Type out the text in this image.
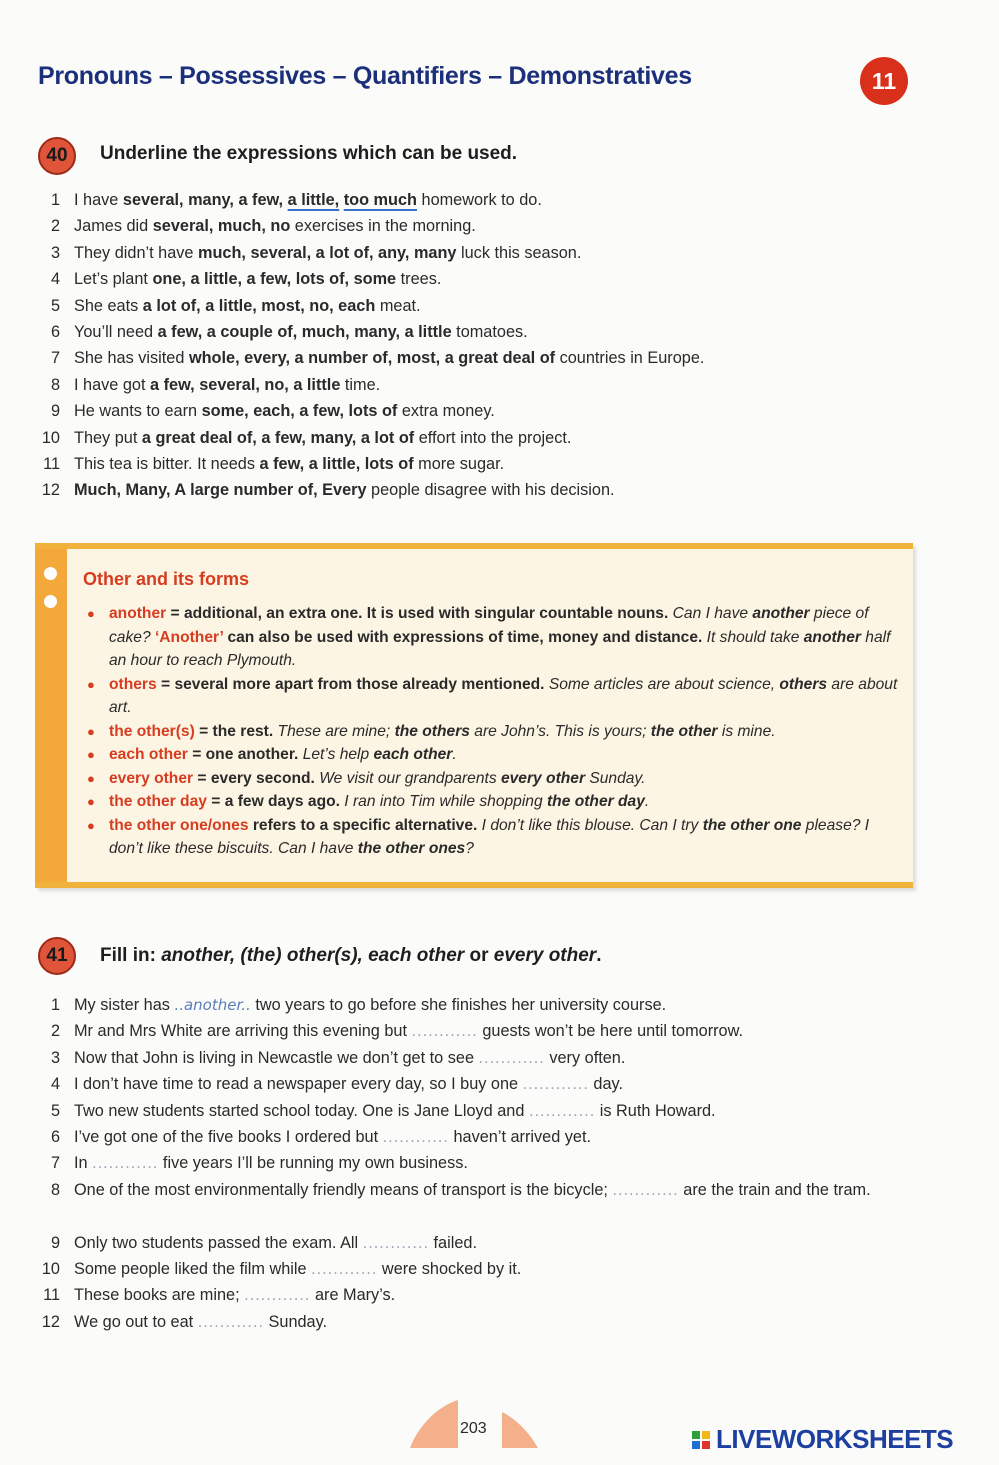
Pronouns – Possessives – Quantifiers – Demonstratives	11
40	Underline the expressions which can be used.
1 I have several, many, a few, a little, too much homework to do.
2 James did several, much, no exercises in the morning.
3 They didn’t have much, several, a lot of, any, many luck this season.
4 Let’s plant one, a little, a few, lots of, some trees.
5 She eats a lot of, a little, most, no, each meat.
6 You’ll need a few, a couple of, much, many, a little tomatoes.
7 She has visited whole, every, a number of, most, a great deal of countries in Europe.
8 I have got a few, several, no, a little time.
9 He wants to earn some, each, a few, lots of extra money.
10 They put a great deal of, a few, many, a lot of effort into the project.
11 This tea is bitter. It needs a few, a little, lots of more sugar.
12 Much, Many, A large number of, Every people disagree with his decision.
Other and its forms
● another = additional, an extra one. It is used with singular countable nouns. Can I have another piece of cake? ‘Another’ can also be used with expressions of time, money and distance. It should take another half an hour to reach Plymouth.
● others = several more apart from those already mentioned. Some articles are about science, others are about art.
● the other(s) = the rest. These are mine; the others are John’s. This is yours; the other is mine.
● each other = one another. Let’s help each other.
● every other = every second. We visit our grandparents every other Sunday.
● the other day = a few days ago. I ran into Tim while shopping the other day.
● the other one/ones refers to a specific alternative. I don’t like this blouse. Can I try the other one please? I don’t like these biscuits. Can I have the other ones?
41	Fill in: another, (the) other(s), each other or every other.
1 My sister has ..another.. two years to go before she finishes her university course.
2 Mr and Mrs White are arriving this evening but ............ guests won’t be here until tomorrow.
3 Now that John is living in Newcastle we don’t get to see ............ very often.
4 I don’t have time to read a newspaper every day, so I buy one ............ day.
5 Two new students started school today. One is Jane Lloyd and ............ is Ruth Howard.
6 I’ve got one of the five books I ordered but ............ haven’t arrived yet.
7 In ............ five years I’ll be running my own business.
8 One of the most environmentally friendly means of transport is the bicycle; ............ are the train and the tram.
9 Only two students passed the exam. All ............ failed.
10 Some people liked the film while ............ were shocked by it.
11 These books are mine; ............ are Mary’s.
12 We go out to eat ............ Sunday.
203	LIVEWORKSHEETS
